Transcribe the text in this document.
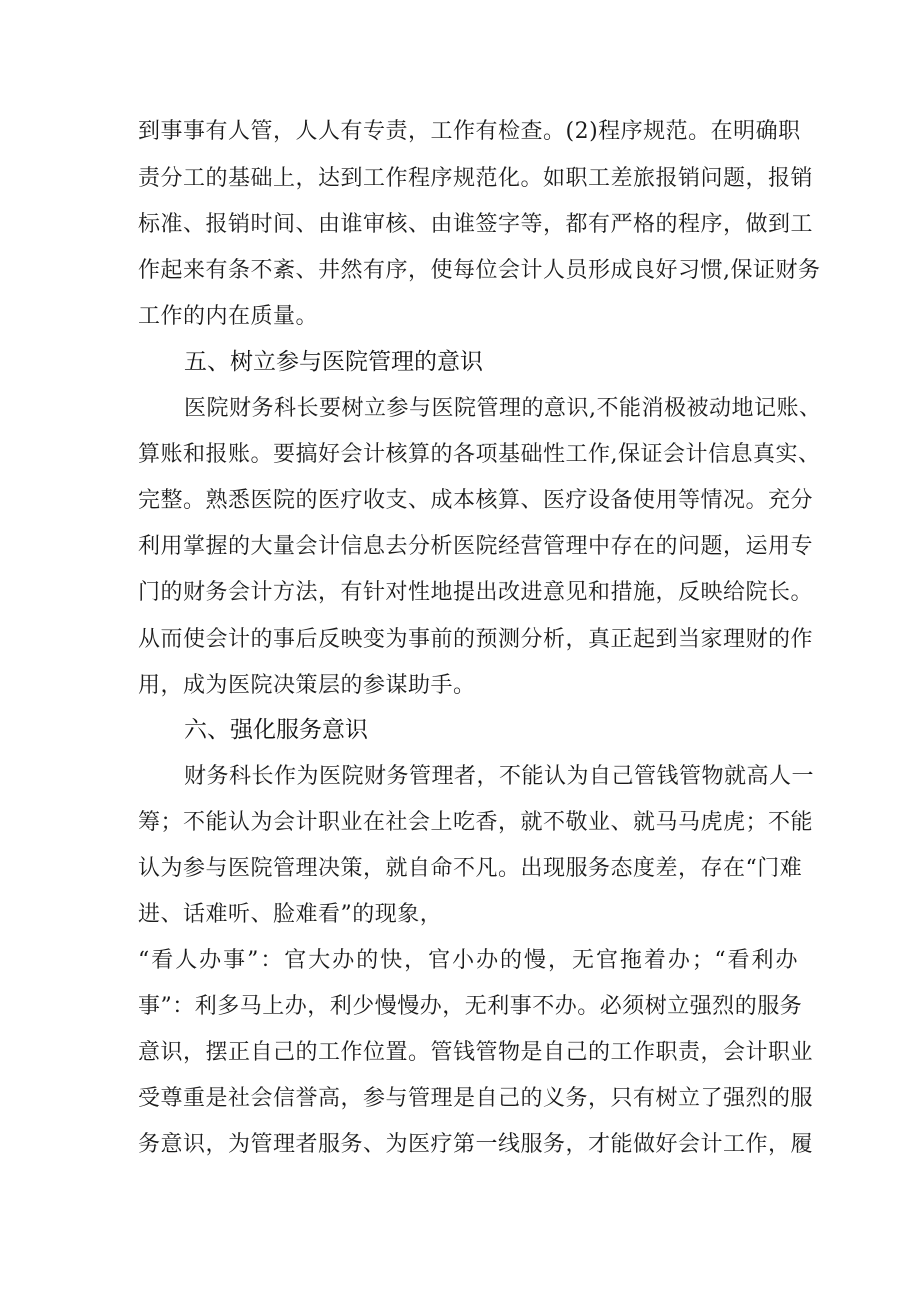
到事事有人管，人人有专责，工作有检查。(2)程序规范。在明确职
责分工的基础上，达到工作程序规范化。如职工差旅报销问题，报销
标准、报销时间、由谁审核、由谁签字等，都有严格的程序，做到工
作起来有条不紊、井然有序，使每位会计人员形成良好习惯,保证财务
工作的内在质量。
五、树立参与医院管理的意识
医院财务科长要树立参与医院管理的意识,不能消极被动地记账、
算账和报账。要搞好会计核算的各项基础性工作,保证会计信息真实、
完整。熟悉医院的医疗收支、成本核算、医疗设备使用等情况。充分
利用掌握的大量会计信息去分析医院经营管理中存在的问题，运用专
门的财务会计方法，有针对性地提出改进意见和措施，反映给院长。
从而使会计的事后反映变为事前的预测分析，真正起到当家理财的作
用，成为医院决策层的参谋助手。
六、强化服务意识
财务科长作为医院财务管理者，不能认为自己管钱管物就高人一
筹；不能认为会计职业在社会上吃香，就不敬业、就马马虎虎；不能
认为参与医院管理决策，就自命不凡。出现服务态度差，存在“门难
进、话难听、脸难看”的现象，
“看人办事”：官大办的快，官小办的慢，无官拖着办；“看利办
事”：利多马上办，利少慢慢办，无利事不办。必须树立强烈的服务
意识，摆正自己的工作位置。管钱管物是自己的工作职责，会计职业
受尊重是社会信誉高，参与管理是自己的义务，只有树立了强烈的服
务意识，为管理者服务、为医疗第一线服务，才能做好会计工作，履
